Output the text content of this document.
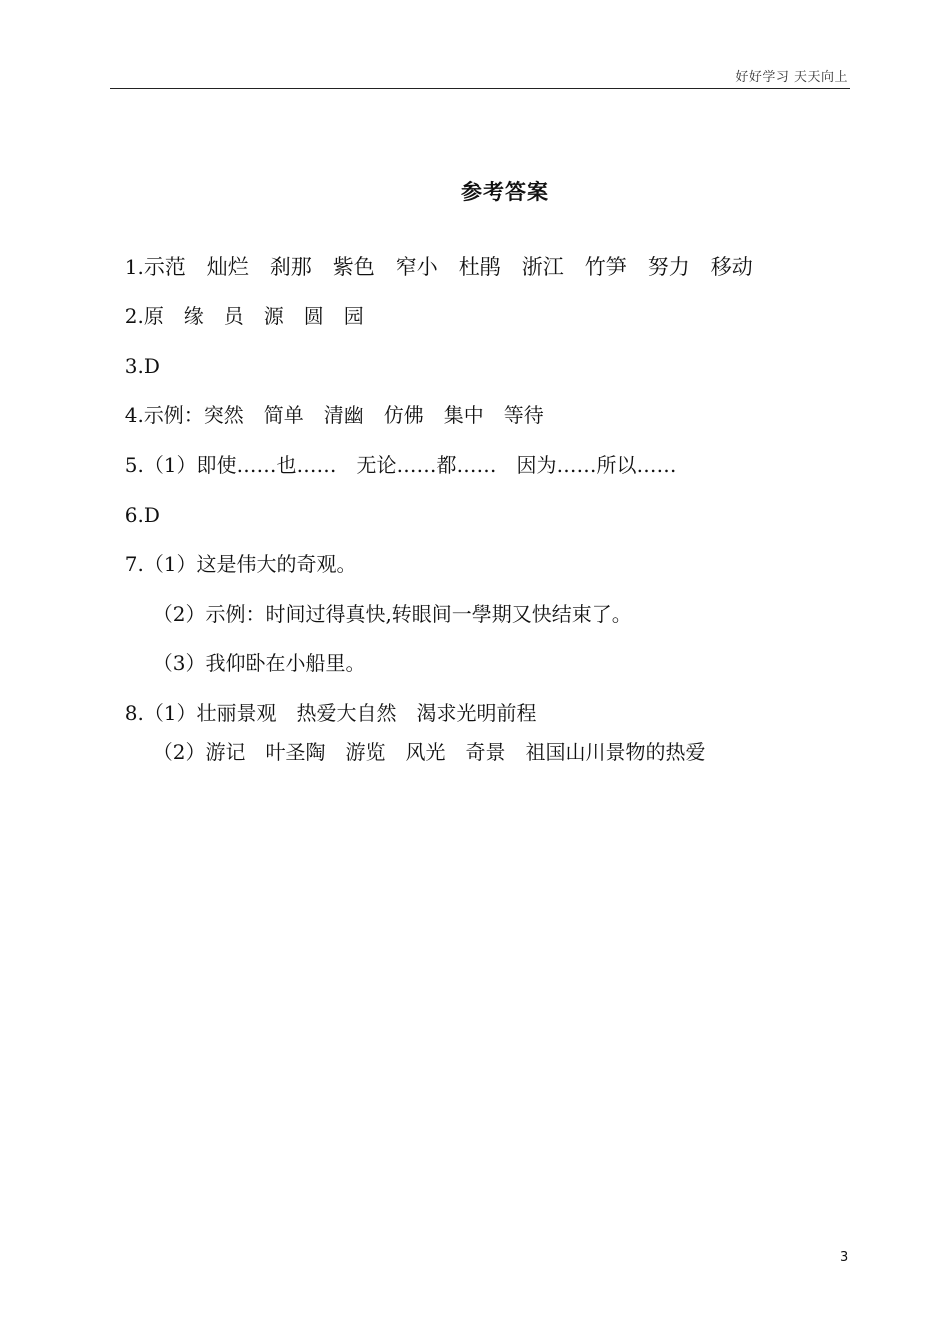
好好学习 天天向上
参考答案

1.示范　灿烂　刹那　紫色　窄小　杜鹃　浙江　竹笋　努力　移动

2.原　缘　员　源　圆　园

3.D

4.示例：突然　简单　清幽　仿佛　集中　等待

5.（1）即使……也……　无论……都……　因为……所以……

6.D

7.（1）这是伟大的奇观。

（2）示例：时间过得真快,转眼间一學期又快结束了。

（3）我仰卧在小船里。

8.（1）壮丽景观　热爱大自然　渴求光明前程

（2）游记　叶圣陶　游览　风光　奇景　祖国山川景物的热爱

3
